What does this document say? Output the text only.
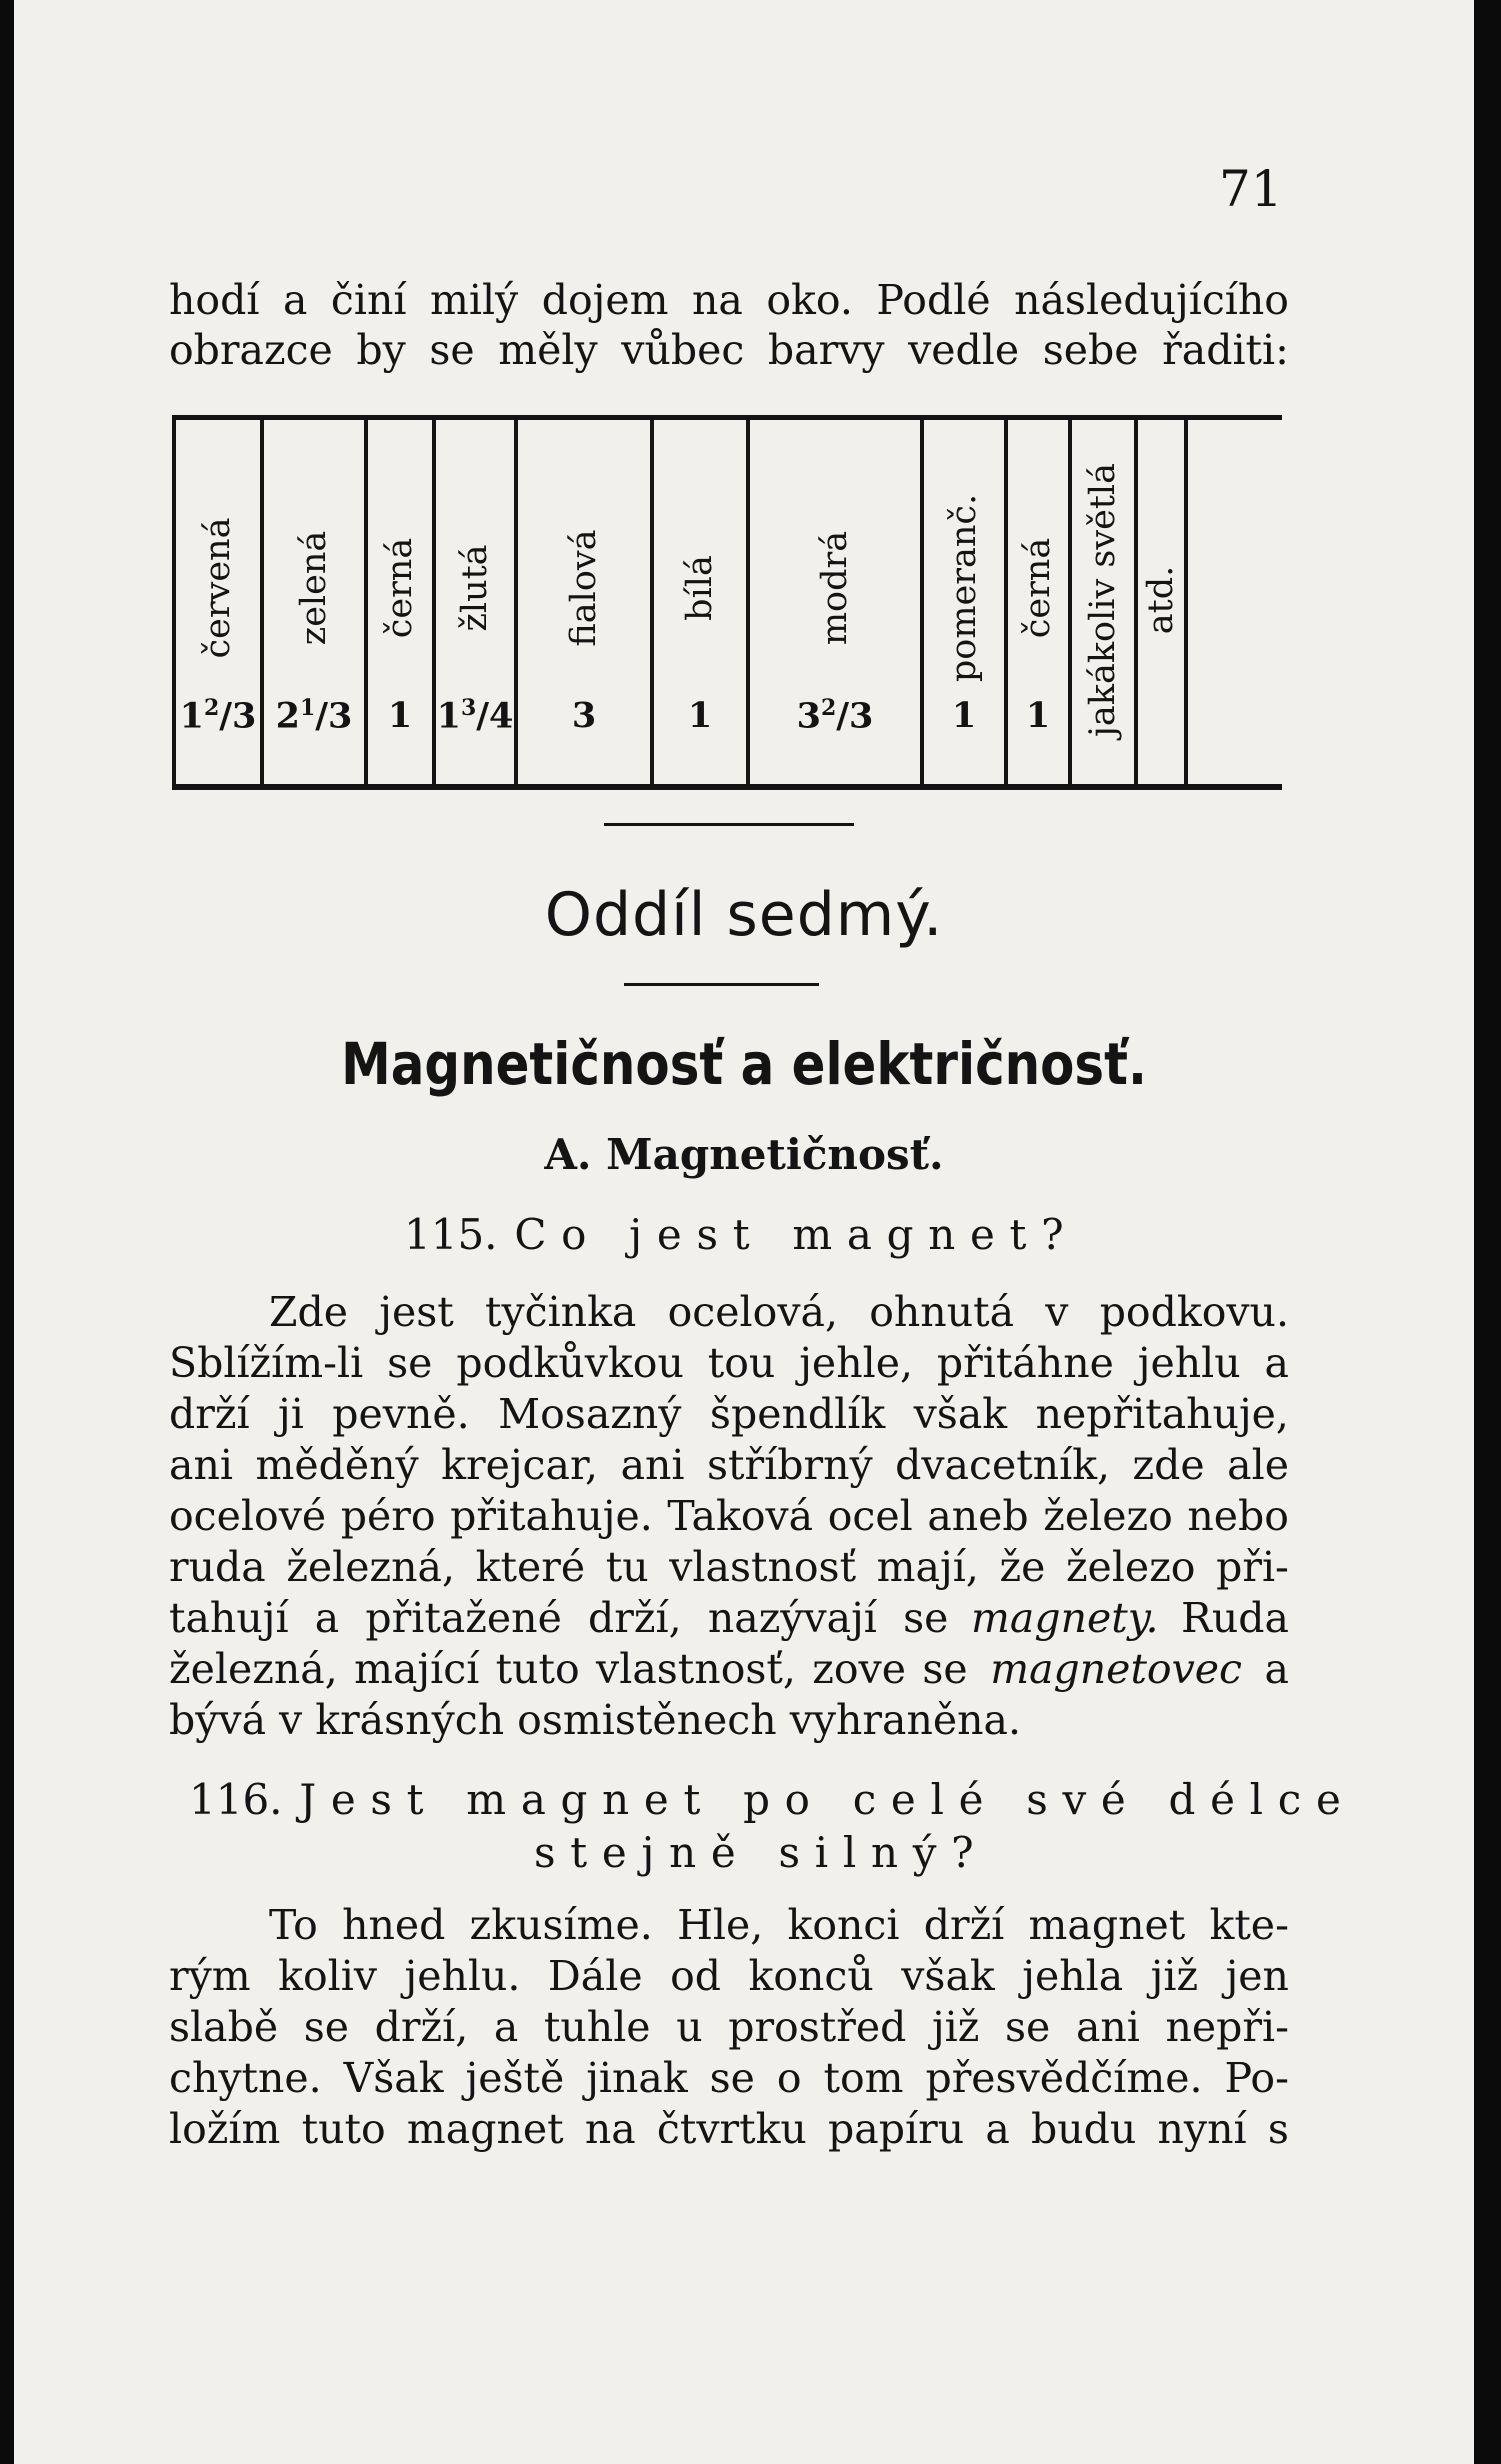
71
hodí a činí milý dojem na oko. Podlé následujícího
obrazce by se měly vůbec barvy vedle sebe řaditi:
červená
$1^2/3$
zelená
$2^1/3$
černá
1
žlutá
$1^3/4$
fialová
3
bílá
1
modrá
$3^2/3$
pomeranč.
1
černá
1 jakákoliv světlá atd.
Oddíl sedmý.
Magnetičnosť a električnosť.
A. Magnetičnosť.
115. Co jest magnet?
Zde jest tyčinka ocelová, ohnutá v podkovu.
Sblížím-li se podkůvkou tou jehle, přitáhne jehlu a
drží ji pevně. Mosazný špendlík však nepřitahuje,
ani měděný krejcar, ani stříbrný dvacetník, zde ale
ocelové péro přitahuje. Taková ocel aneb železo nebo
ruda železná, které tu vlastnosť mají, že železo při-
tahují a přitažené drží, nazývají se magnety. Ruda
železná, mající tuto vlastnosť, zove se magnetovec a
bývá v krásných osmistěnech vyhraněna.
116. Jest magnet po celé své délce
stejně silný?
To hned zkusíme. Hle, konci drží magnet kte-
rým koliv jehlu. Dále od konců však jehla již jen
slabě se drží, a tuhle u prostřed již se ani nepři-
chytne. Však ještě jinak se o tom přesvědčíme. Po-
ložím tuto magnet na čtvrtku papíru a budu nyní s
